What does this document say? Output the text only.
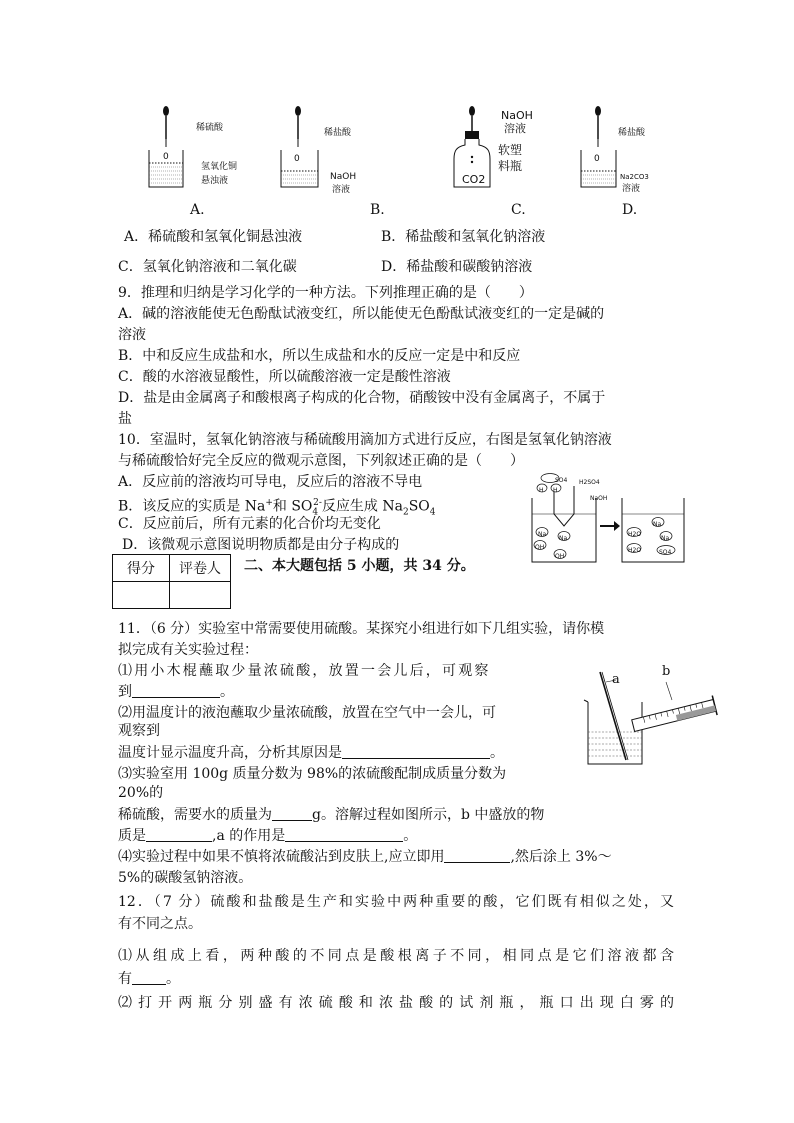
稀硫酸
氢氧化铜
悬浊液
0
稀盐酸
NaOH
溶液
0
NaOH
溶液
软塑
料瓶
CO2
稀盐酸
Na2CO3
溶液
0
A.	B.	C.	D.
A．稀硫酸和氢氧化铜悬浊液	B．稀盐酸和氢氧化钠溶液
C．氢氧化钠溶液和二氧化碳	D．稀盐酸和碳酸钠溶液
9．推理和归纳是学习化学的一种方法。下列推理正确的是（　　）
A．碱的溶液能使无色酚酞试液变红，所以能使无色酚酞试液变红的一定是碱的
溶液
B．中和反应生成盐和水，所以生成盐和水的反应一定是中和反应
C．酸的水溶液显酸性，所以硫酸溶液一定是酸性溶液
D．盐是由金属离子和酸根离子构成的化合物，硝酸铵中没有金属离子，不属于
盐
10．室温时，氢氧化钠溶液与稀硫酸用滴加方式进行反应，右图是氢氧化钠溶液
与稀硫酸恰好完全反应的微观示意图，下列叙述正确的是（　　）
A．反应前的溶液均可导电，反应后的溶液不导电
B．该反应的实质是 Na+和 $SO_4^{2-}$反应生成 $Na_2SO_4$
C．反应前后，所有元素的化合价均无变化
D．该微观示意图说明物质都是由分子构成的
SO4
H H
H2SO4
NaOH
Na
OH
Na
OH
Na
H2O
Na
H2O	SO4
得分	评卷人
	二、本大题包括 5 小题，共 34 分。
11．（6 分）实验室中常需要使用硫酸。某探究小组进行如下几组实验，请你模
拟完成有关实验过程：
⑴用小木棍蘸取少量浓硫酸，放置一会儿后，可观察
到	。
⑵用温度计的液泡蘸取少量浓硫酸，放置在空气中一会儿，可
观察到
温度计显示温度升高，分析其原因是	。
⑶实验室用 100g 质量分数为 98%的浓硫酸配制成质量分数为
20%的
稀硫酸，需要水的质量为	g。溶解过程如图所示，b 中盛放的物
质是	,a 的作用是	。
⑷实验过程中如果不慎将浓硫酸沾到皮肤上,应立即用	,然后涂上 3%～
5%的碳酸氢钠溶液。
a
b
12．（7 分）硫酸和盐酸是生产和实验中两种重要的酸，它们既有相似之处，又
有不同之点。
⑴从组成上看，两种酸的不同点是酸根离子不同，相同点是它们溶液都含
有 。
⑵打开两瓶分别盛有浓硫酸和浓盐酸的试剂瓶，瓶口出现白雾的
